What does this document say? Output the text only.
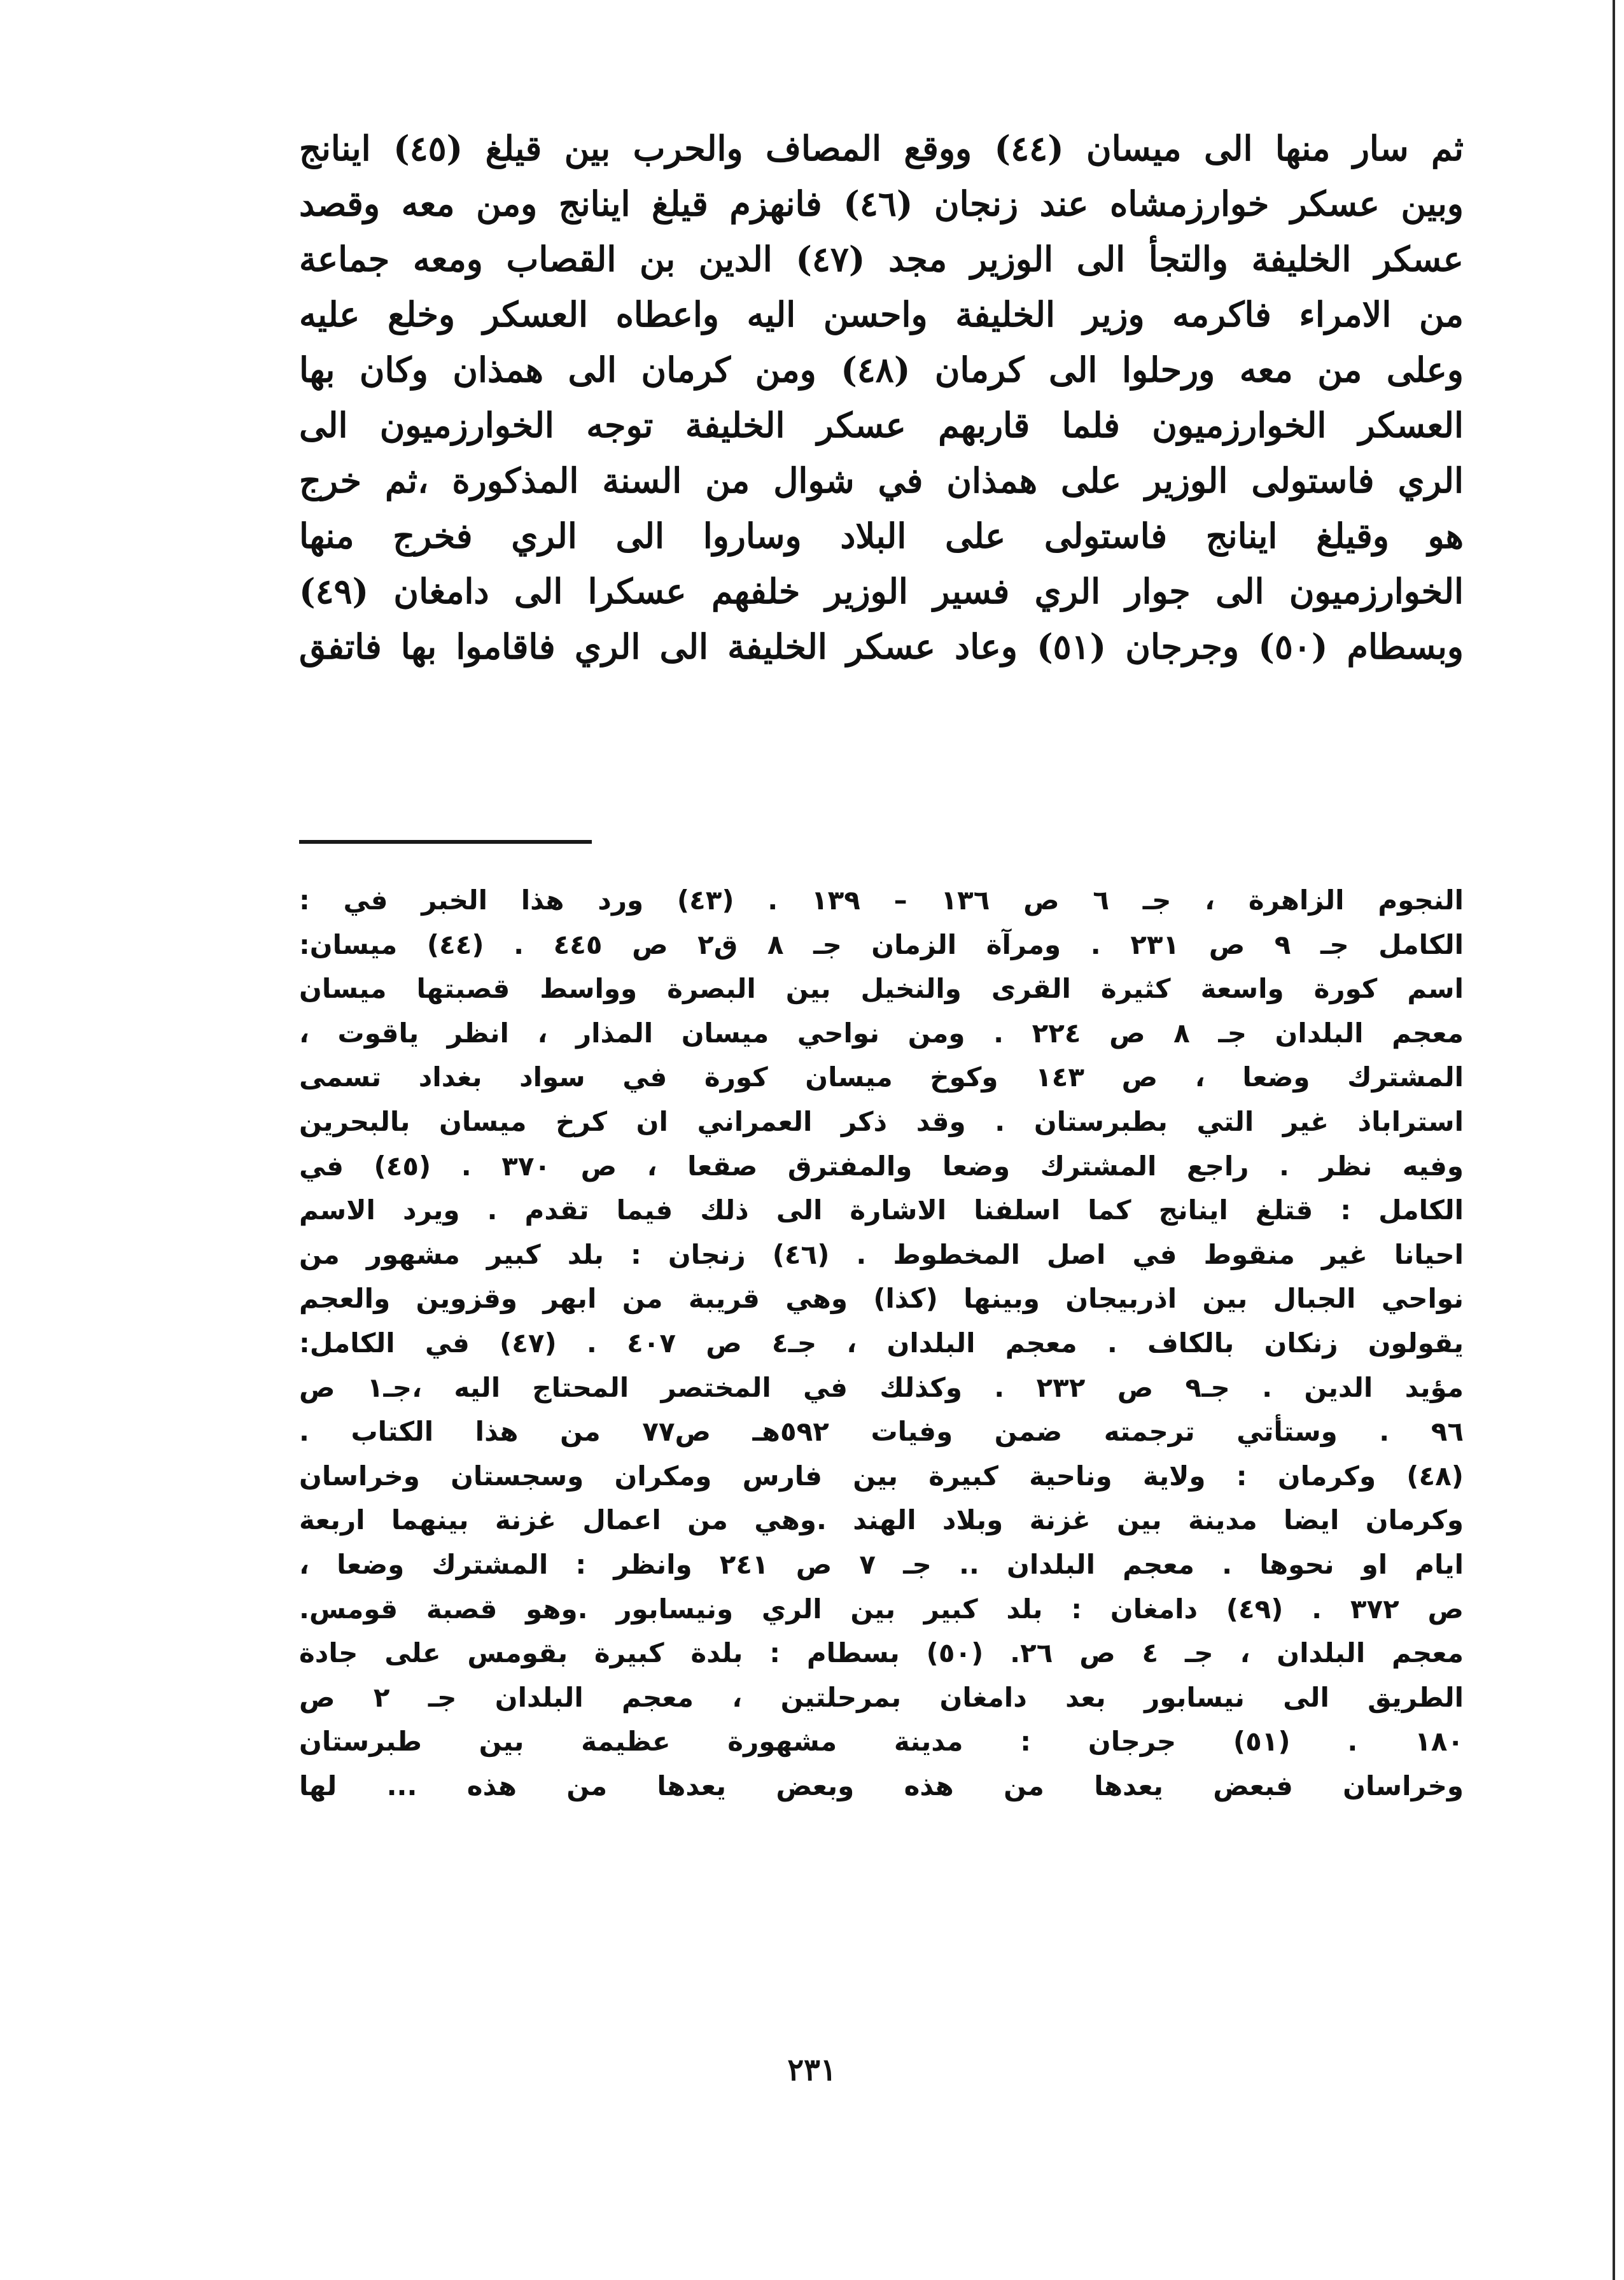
ثم سار منها الى ميسان (٤٤) ووقع المصاف والحرب بين قيلغ (٤٥) اينانج
وبين عسكر خوارزمشاه عند زنجان (٤٦) فانهزم قيلغ اينانج ومن معه وقصد
عسكر الخليفة والتجأ الى الوزير مجد (٤٧) الدين بن القصاب ومعه جماعة
من الامراء فاكرمه وزير الخليفة واحسن اليه واعطاه العسكر وخلع عليه
وعلى من معه ورحلوا الى كرمان (٤٨) ومن كرمان الى همذان وكان بها
العسكر الخوارزميون فلما قاربهم عسكر الخليفة توجه الخوارزميون الى
الري فاستولى الوزير على همذان في شوال من السنة المذكورة ،ثم خرج
هو وقيلغ اينانج فاستولى على البلاد وساروا الى الري فخرج منها
الخوارزميون الى جوار الري فسير الوزير خلفهم عسكرا الى دامغان (٤٩)
وبسطام (٥٠) وجرجان (٥١) وعاد عسكر الخليفة الى الري فاقاموا بها فاتفق
النجوم الزاهرة ، جـ ٦ ص ١٣٦ – ١٣٩ . (٤٣) ورد هذا الخبر في :
الكامل جـ ٩ ص ٢٣١ . ومرآة الزمان جـ ٨ ق٢ ص ٤٤٥ . (٤٤) ميسان:
اسم كورة واسعة كثيرة القرى والنخيل بين البصرة وواسط قصبتها ميسان
معجم البلدان جـ ٨ ص ٢٢٤ . ومن نواحي ميسان المذار ، انظر ياقوت ،
المشترك وضعا ، ص ١٤٣ وكوخ ميسان كورة في سواد بغداد تسمى
استراباذ غير التي بطبرستان . وقد ذكر العمراني ان كرخ ميسان بالبحرين
وفيه نظر . راجع المشترك وضعا والمفترق صقعا ، ص ٣٧٠ . (٤٥) في
الكامل : قتلغ اينانج كما اسلفنا الاشارة الى ذلك فيما تقدم . ويرد الاسم
احيانا غير منقوط في اصل المخطوط . (٤٦) زنجان : بلد كبير مشهور من
نواحي الجبال بين اذربيجان وبينها (كذا) وهي قريبة من ابهر وقزوين والعجم
يقولون زنكان بالكاف . معجم البلدان ، جـ٤ ص ٤٠٧ . (٤٧) في الكامل:
مؤيد الدين . جـ٩ ص ٢٣٢ . وكذلك في المختصر المحتاج اليه ،جـ١ ص
٩٦ . وستأتي ترجمته ضمن وفيات ٥٩٢هـ ص٧٧ من هذا الكتاب .
(٤٨) وكرمان : ولاية وناحية كبيرة بين فارس ومكران وسجستان وخراسان
وكرمان ايضا مدينة بين غزنة وبلاد الهند .وهي من اعمال غزنة بينهما اربعة
ايام او نحوها . معجم البلدان .. جـ ٧ ص ٢٤١ وانظر : المشترك وضعا ،
ص ٣٧٢ . (٤٩) دامغان : بلد كبير بين الري ونيسابور .وهو قصبة قومس.
معجم البلدان ، جـ ٤ ص ٢٦. (٥٠) بسطام : بلدة كبيرة بقومس على جادة
الطريق الى نيسابور بعد دامغان بمرحلتين ، معجم البلدان جـ ٢ ص
١٨٠ . (٥١) جرجان : مدينة مشهورة عظيمة بين طبرستان
وخراسان فبعض يعدها من هذه وبعض يعدها من هذه ... لها
٢٣١
